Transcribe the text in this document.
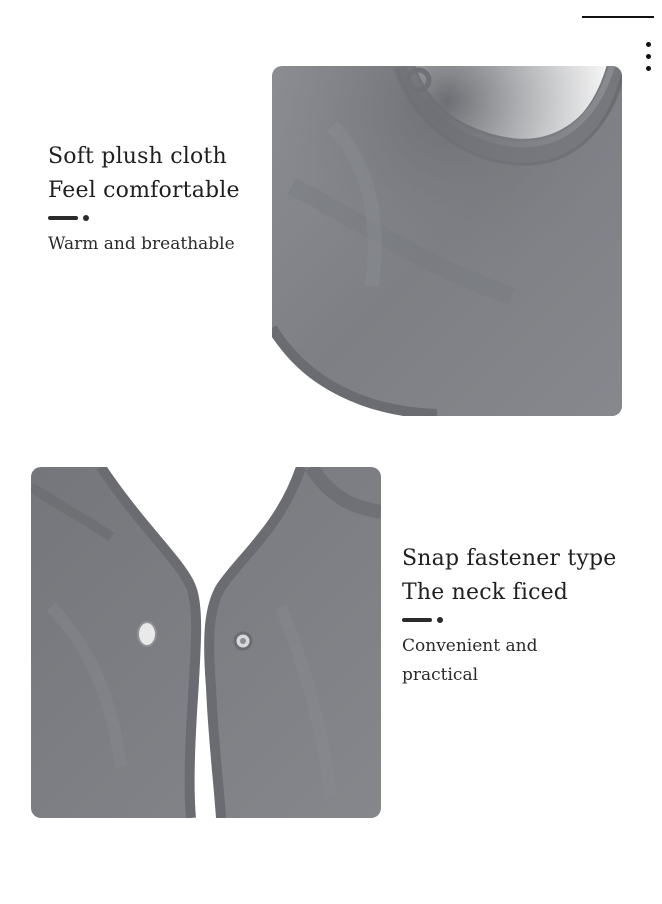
Soft plush cloth
Feel comfortable
Warm and breathable
Snap fastener type
The neck ficed
Convenient and
practical
